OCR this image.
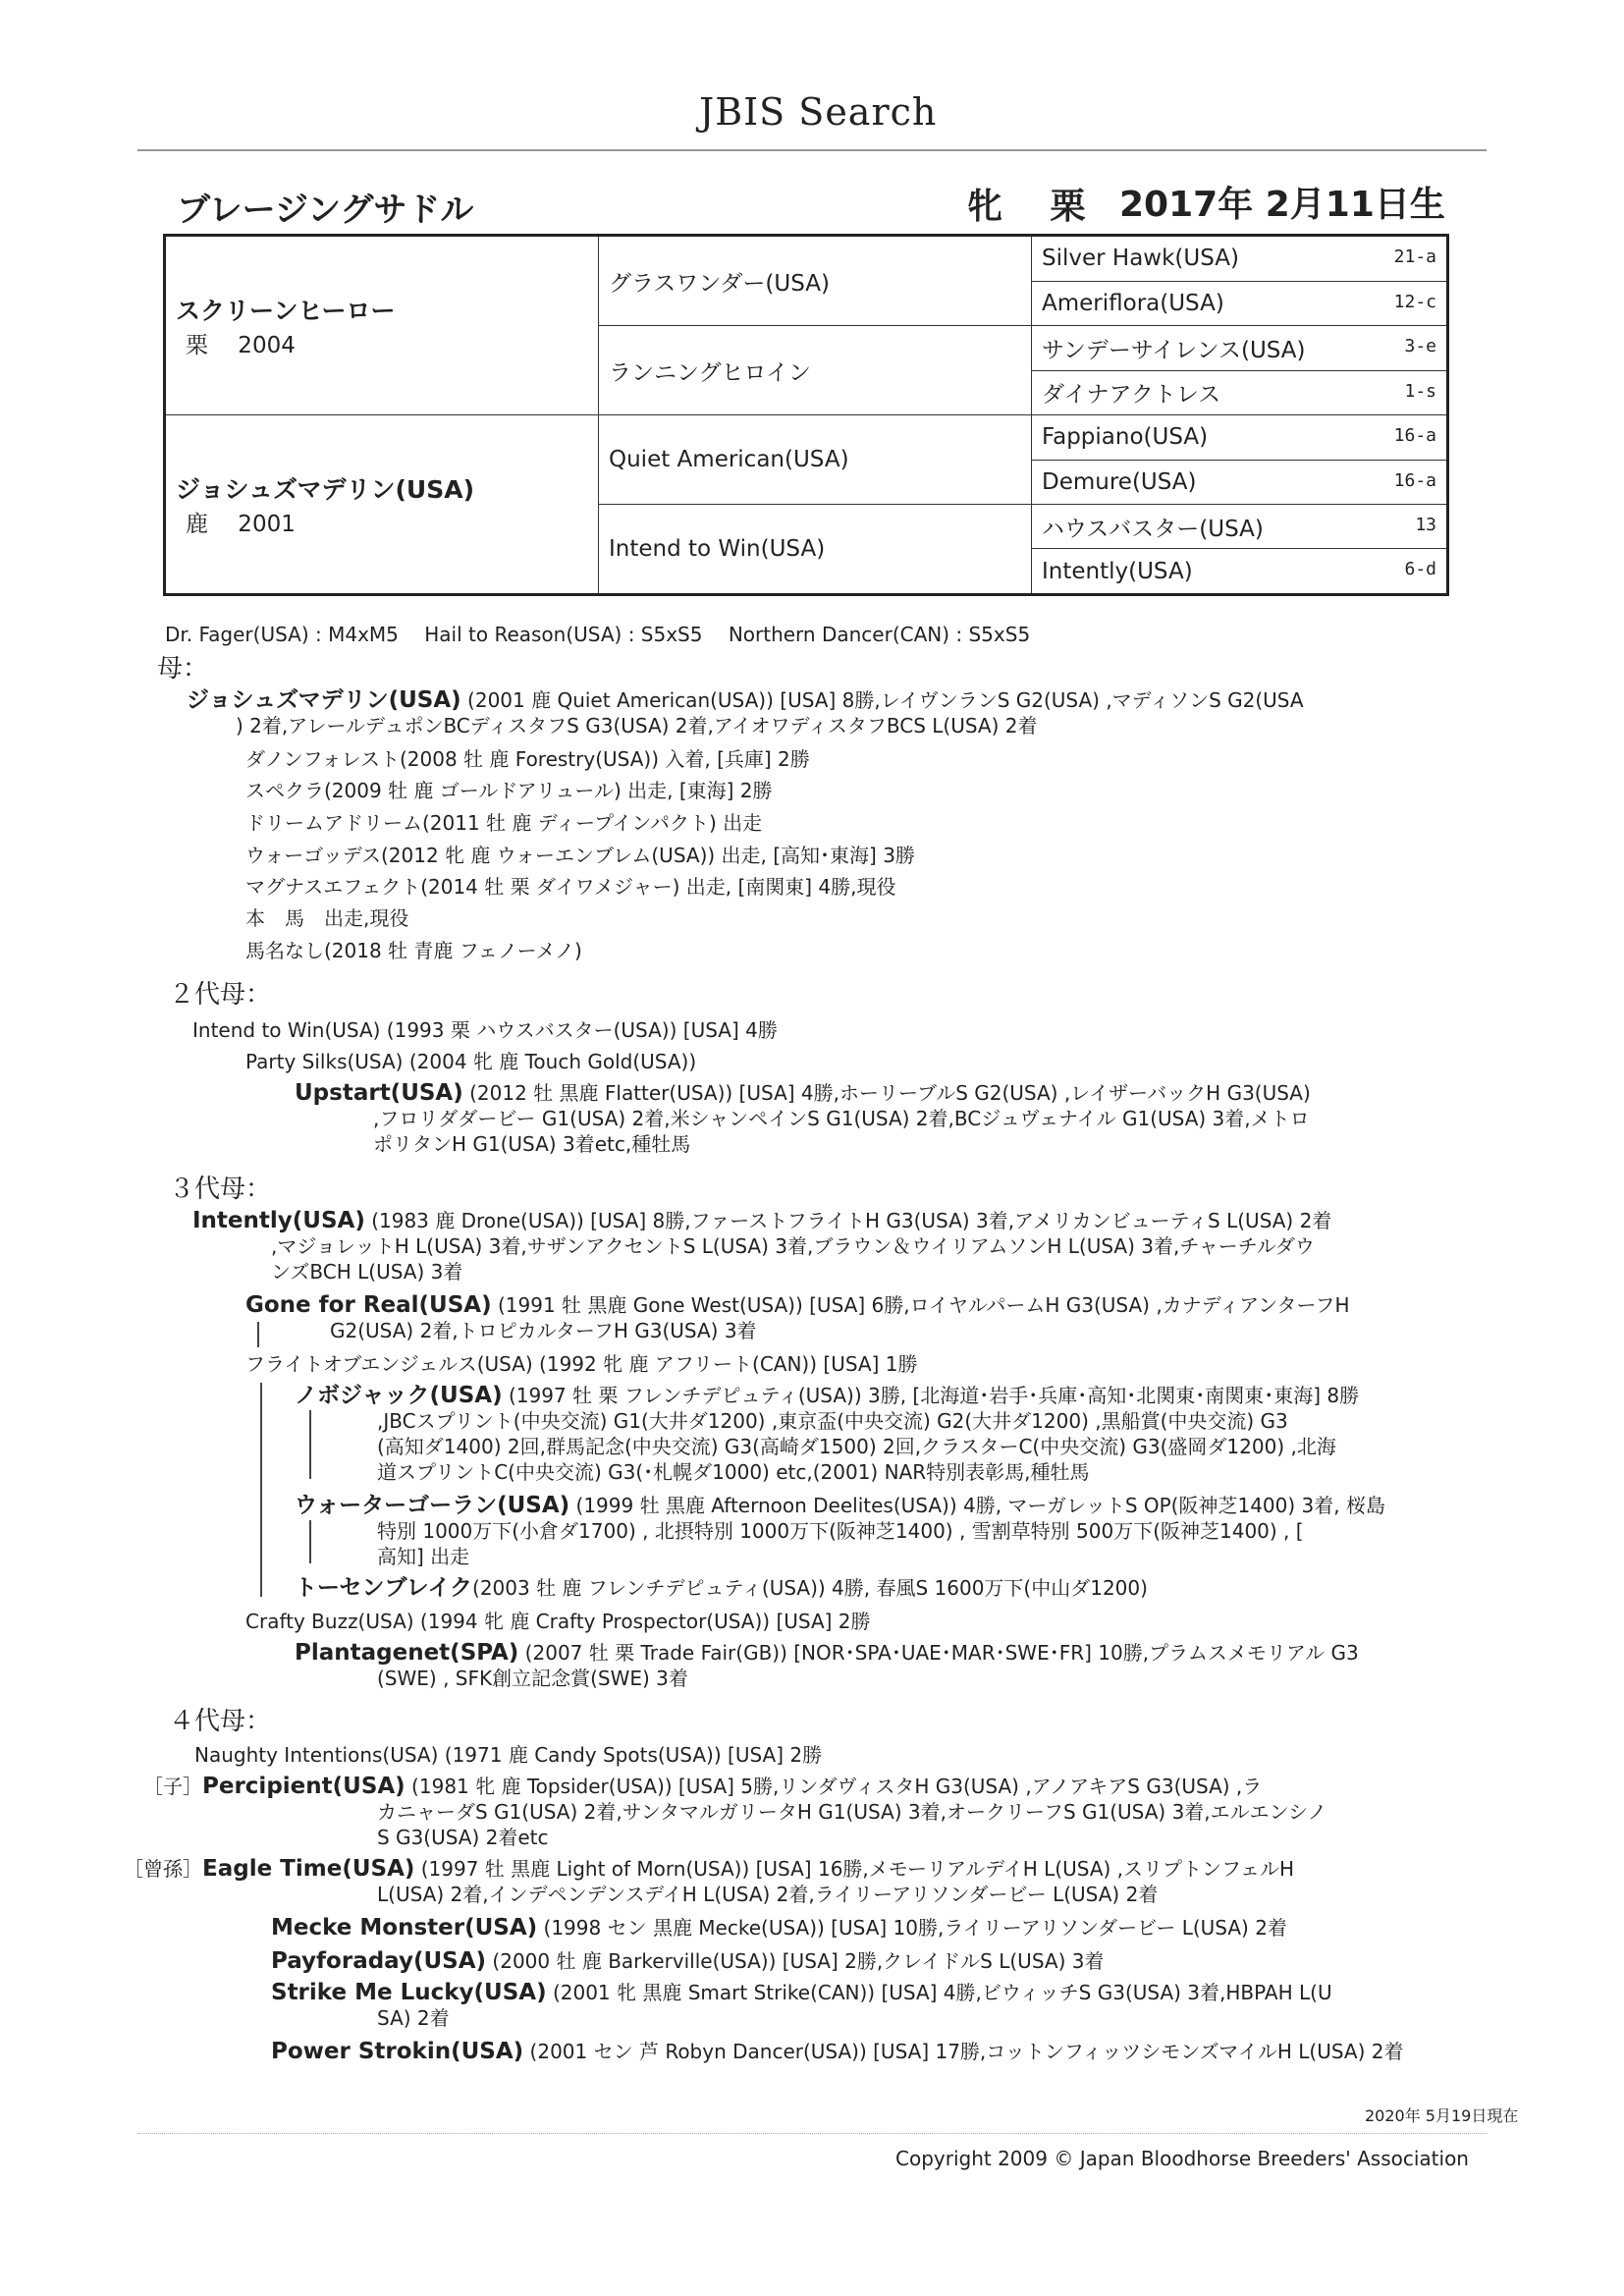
JBIS Search
ブレージングサドル	牝 栗 2017年 2月11日生
スクリーンヒーロー
栗　 2004	グラスワンダー(USA)	Silver Hawk(USA) 21-a

		Ameriflora(USA) 12-c

	ランニングヒロイン	サンデーサイレンス(USA) 3-e

		ダイナアクトレス 1-s

ジョシュズマデリン(USA)
鹿　 2001	Quiet American(USA)	Fappiano(USA) 16-a

		Demure(USA) 16-a

	Intend to Win(USA)	ハウスバスター(USA) 13

		Intently(USA) 6-d
Dr. Fager(USA) : M4xM5　 Hail to Reason(USA) : S5xS5　 Northern Dancer(CAN) : S5xS5
母：
ジョシュズマデリン(USA) (2001 鹿 Quiet American(USA)) [USA] 8勝,レイヴンランS G2(USA) ,マディソンS G2(USA
) 2着,アレールデュポンBCディスタフS G3(USA) 2着,アイオワディスタフBCS L(USA) 2着
ダノンフォレスト(2008 牡 鹿 Forestry(USA)) 入着, [兵庫] 2勝
スペクラ(2009 牡 鹿 ゴールドアリュール) 出走, [東海] 2勝
ドリームアドリーム(2011 牡 鹿 ディープインパクト) 出走
ウォーゴッデス(2012 牝 鹿 ウォーエンブレム(USA)) 出走, [高知･東海] 3勝
マグナスエフェクト(2014 牡 栗 ダイワメジャー) 出走, [南関東] 4勝,現役
本　馬　出走,現役
馬名なし(2018 牡 青鹿 フェノーメノ)
２代母：
Intend to Win(USA) (1993 栗 ハウスバスター(USA)) [USA] 4勝
Party Silks(USA) (2004 牝 鹿 Touch Gold(USA))
Upstart(USA) (2012 牡 黒鹿 Flatter(USA)) [USA] 4勝,ホーリーブルS G2(USA) ,レイザーバックH G3(USA)
,フロリダダービー G1(USA) 2着,米シャンペインS G1(USA) 2着,BCジュヴェナイル G1(USA) 3着,メトロ
ポリタンH G1(USA) 3着etc,種牡馬
３代母：
Intently(USA) (1983 鹿 Drone(USA)) [USA] 8勝,ファーストフライトH G3(USA) 3着,アメリカンビューティS L(USA) 2着
,マジョレットH L(USA) 3着,サザンアクセントS L(USA) 3着,ブラウン＆ウイリアムソンH L(USA) 3着,チャーチルダウ
ンズBCH L(USA) 3着
Gone for Real(USA) (1991 牡 黒鹿 Gone West(USA)) [USA] 6勝,ロイヤルパームH G3(USA) ,カナディアンターフH
G2(USA) 2着,トロピカルターフH G3(USA) 3着
フライトオブエンジェルス(USA) (1992 牝 鹿 アフリート(CAN)) [USA] 1勝
ノボジャック(USA) (1997 牡 栗 フレンチデピュティ(USA)) 3勝, [北海道･岩手･兵庫･高知･北関東･南関東･東海] 8勝
,JBCスプリント(中央交流) G1(大井ダ1200) ,東京盃(中央交流) G2(大井ダ1200) ,黒船賞(中央交流) G3
(高知ダ1400) 2回,群馬記念(中央交流) G3(高崎ダ1500) 2回,クラスターC(中央交流) G3(盛岡ダ1200) ,北海
道スプリントC(中央交流) G3(･札幌ダ1000) etc,(2001) NAR特別表彰馬,種牡馬
ウォーターゴーラン(USA) (1999 牡 黒鹿 Afternoon Deelites(USA)) 4勝, マーガレットS OP(阪神芝1400) 3着, 桜島
特別 1000万下(小倉ダ1700) , 北摂特別 1000万下(阪神芝1400) , 雪割草特別 500万下(阪神芝1400) , [
高知] 出走
トーセンブレイク(2003 牡 鹿 フレンチデピュティ(USA)) 4勝, 春風S 1600万下(中山ダ1200)
Crafty Buzz(USA) (1994 牝 鹿 Crafty Prospector(USA)) [USA] 2勝
Plantagenet(SPA) (2007 牡 栗 Trade Fair(GB)) [NOR･SPA･UAE･MAR･SWE･FR] 10勝,プラムスメモリアル G3
(SWE) , SFK創立記念賞(SWE) 3着
４代母：
Naughty Intentions(USA) (1971 鹿 Candy Spots(USA)) [USA] 2勝
［子］ Percipient(USA) (1981 牝 鹿 Topsider(USA)) [USA] 5勝,リンダヴィスタH G3(USA) ,アノアキアS G3(USA) ,ラ
カニャーダS G1(USA) 2着,サンタマルガリータH G1(USA) 3着,オークリーフS G1(USA) 3着,エルエンシノ
S G3(USA) 2着etc
［曾孫］ Eagle Time(USA) (1997 牡 黒鹿 Light of Morn(USA)) [USA] 16勝,メモーリアルデイH L(USA) ,スリプトンフェルH
L(USA) 2着,インデペンデンスデイH L(USA) 2着,ライリーアリソンダービー L(USA) 2着
Mecke Monster(USA) (1998 セン 黒鹿 Mecke(USA)) [USA] 10勝,ライリーアリソンダービー L(USA) 2着
Payforaday(USA) (2000 牡 鹿 Barkerville(USA)) [USA] 2勝,クレイドルS L(USA) 3着
Strike Me Lucky(USA) (2001 牝 黒鹿 Smart Strike(CAN)) [USA] 4勝,ビウィッチS G3(USA) 3着,HBPAH L(U
SA) 2着
Power Strokin(USA) (2001 セン 芦 Robyn Dancer(USA)) [USA] 17勝,コットンフィッツシモンズマイルH L(USA) 2着
2020年 5月19日現在
Copyright 2009 © Japan Bloodhorse Breeders' Association
